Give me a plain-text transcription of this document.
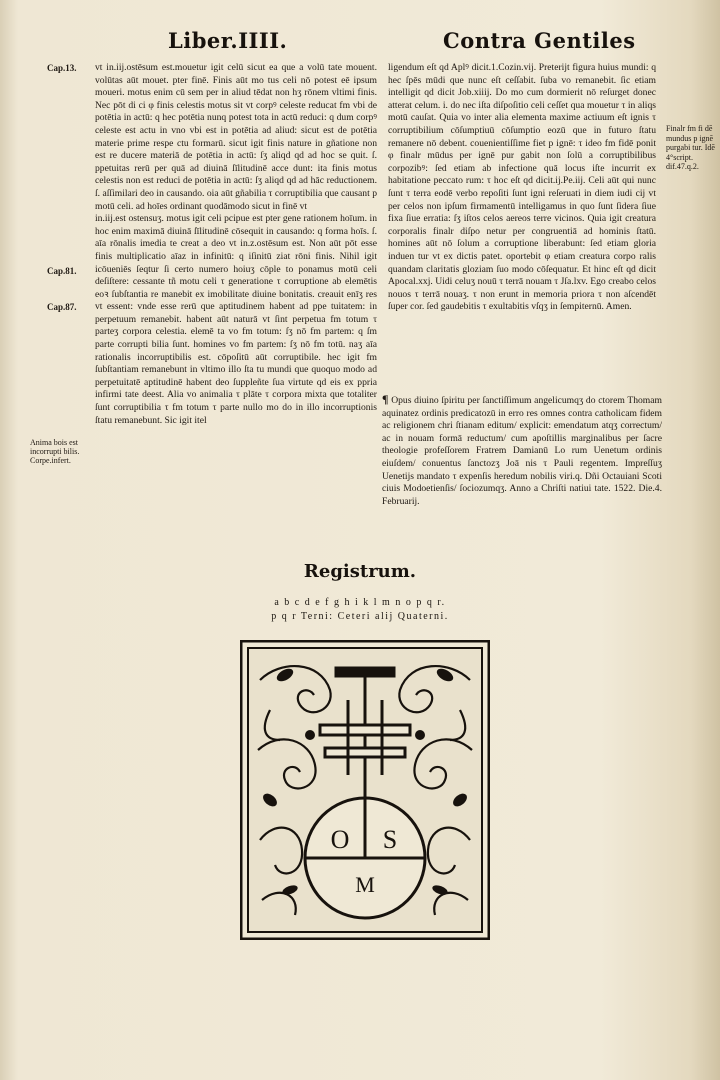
Liber.IIII.	Contra Gentiles
Cap.13.
Cap.81.
Cap.87.
Anima bois est incorrupti bilis. Corpe.infert.
Finalr fm fi dē mundus p ignē purgabi tur. Idē 4°script. dif.47.q.2.

vt in.iij.ostēsum est.mouetur igit celū sicut ea que a volū tate mouent. volūtas aūt mouet. pter finē. Finis aūt mo tus celi nō potest eē ipsum moueri. motus enim cū sem per in aliud tēdat non hʒ rōnem vltimi finis. Nec pōt di ci φ finis celestis motus sit vt corpꝰ celeste reducat fm vbi de potētia in actū: q hec potētia nunq potest tota in actū reduci: q dum corpꝰ celeste est actu in vno vbi est in potētia ad aliud: sicut est de potētia materie prime respe ctu formarū. sicut igit finis nature in gñatione non est re ducere materiā de potētia in actū: ſʒ aliqd qd ad hoc se quit. ſ. ppetuitas rerū per quā ad diuinā ſīlitudinē acce dunt: ita finis motus celestis non est reduci de potētia in actū: ſʒ aliqd qd ad hāc reductionem. ſ. aſſimilari deo in causando. oia aūt gñabilia τ corruptibilia que causant p motū celi. ad hoīes ordinant quodāmodo sicut in finē vt

in.iij.est ostensuʒ. motus igit celi pcipue est pter gene rationem hoīum. in hoc enim maximā diuinā ſīlitudinē cōsequit in causando: q forma hoīs. ſ. aīa rōnalis imedia te creat a deo vt in.z.ostēsum est. Non aūt pōt esse finis multiplicatio aīaz in infinitū: q iſinitū ziat rōni finis. Nihil igit icōueniēs ſeqtur ſi certo numero hoiuʒ cōple to ponamus motū celi deſiſtere: cessante tñ motu celi τ generatione τ corruptione ab elemētis eoꝛ ſubſtantia re manebit ex imobilitate diuine bonitatis. creauit enīʒ res vt essent: vnde esse rerū que aptitudinem habent ad ppe tuitatem: in perpetuum remanebit. habent aūt naturā vt ſint perpetua fm totum τ parteʒ corpora celestia. elemē ta vo fm totum: ſʒ nō fm partem: q ſm parte corrupti bilia ſunt. homines vo fm partem: ſʒ nō fm totū. naʒ aīa rationalis incorruptibilis est. cōpoſitū aūt corruptibile. hec igit fm ſubſtantiam remanebunt in vltimo illo ſta tu mundi que quoquo modo ad perpetuitatē aptitudinē habent deo ſuppleñte ſua virtute qd eis ex ppria infirmi tate deest. Alia vo animalia τ plāte τ corpora mixta que totaliter ſunt corruptibilia τ fm totum τ parte nullo mo do in illo incorruptionis ſtatu remanebunt. Sic igit itel

ligendum eſt qd Aplꝰ dicit.1.Cozin.vij. Preterijt figura huius mundi: q hec ſpēs mūdi que nunc eſt ceſſabit. ſuba vo remanebit. ſic etiam intelligit qd dicit Job.xiiij. Do mo cum dormierit nō reſurget donec atterat celum. i. do nec iſta diſpoſitio celi ceſſet qua mouetur τ in aliqs motū cauſat. Quia vo inter alia elementa maxime actiuum eſt ignis τ corruptibilium cōſumptiuū cōſumptio eozū que in futuro ſtatu remanere nō debent. couenientiſſime fiet p ignē: τ ideo fm fidē ponit φ finalr mūdus per ignē pur gabit non ſolū a corruptibilibus corpozibꝰ: ſed etiam ab infectione quā locus iſte incurrit ex habitatione peccato rum: τ hoc eſt qd dicit.ij.Pe.iij. Celi aūt qui nunc ſunt τ terra eodē verbo repoſiti ſunt igni reſeruati in diem iudi cij vt per celos non ipſum firmamentū intelligamus in quo ſunt ſidera ſiue fixa ſiue erratia: ſʒ iſtos celos aereos terre vicinos. Quia igit creatura corporalis finalr diſpo netur per congruentiā ad hominis ſtatū. homines aūt nō ſolum a corruptione liberabunt: ſed etiam gloria induen tur vt ex dictis patet. oportebit φ etiam creatura corpo ralis quandam claritatis gloziam ſuo modo cōſequatur. Et hinc eſt qd dicit Apocal.xxj. Uidi celuʒ nouū τ terrā nouam τ Jſa.lxv. Ego creabo celos nouos τ terrā nouaʒ. τ non erunt in memoria priora τ non aſcendēt ſuper cor. ſed gaudebitis τ exultabitis vſqʒ in ſempiternū. Amen.

¶ Opus diuino ſpiritu per ſanctiſſimum angelicumqʒ do ctorem Thomam aquinatez ordinis predicatozū in erro res omnes contra catholicam fidem ac religionem chri ſtianam editum/ explicit: emendatum atqʒ correctum/ ac in nouam formā reductum/ cum apoſtillis marginalibus per ſacre theologie profeſſorem Fratrem Damianū Lo rum Uenetum ordinis eiuſdem/ conuentus ſanctozʒ Joā nis τ Pauli regentem. Impreſſuʒ Uenetijs mandato τ expenſis heredum nobilis viri.q. Dñi Octauiani Scoti ciuis Modoetienſis/ ſociozumqʒ. Anno a Chriſti natiui tate. 1522. Die.4. Februarij.
Registrum.
a b c d e f g h i k l m n o p q r.
p q r Terni: Ceteri alij Quaterni.
O S
M
